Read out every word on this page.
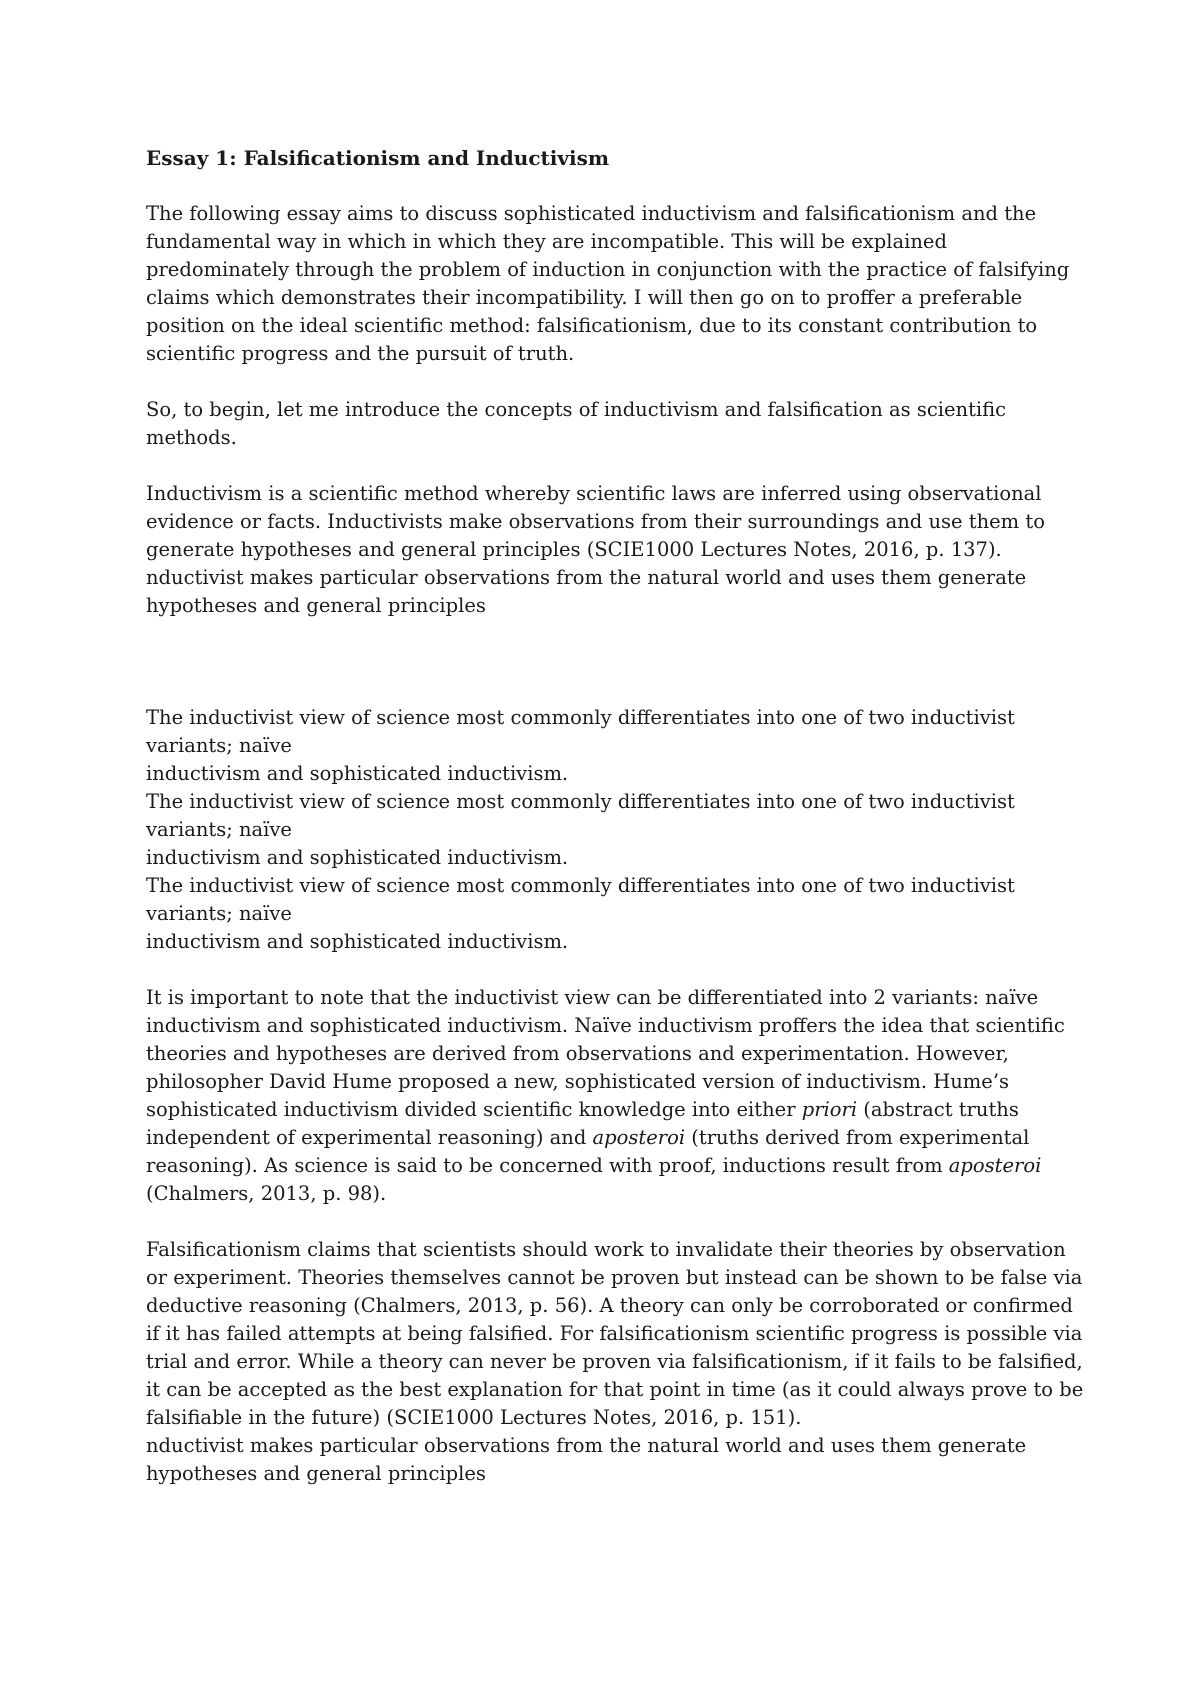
Essay 1: Falsificationism and Inductivism
The following essay aims to discuss sophisticated inductivism and falsificationism and the
fundamental way in which in which they are incompatible. This will be explained
predominately through the problem of induction in conjunction with the practice of falsifying
claims which demonstrates their incompatibility. I will then go on to proffer a preferable
position on the ideal scientific method: falsificationism, due to its constant contribution to
scientific progress and the pursuit of truth.
So, to begin, let me introduce the concepts of inductivism and falsification as scientific
methods.
Inductivism is a scientific method whereby scientific laws are inferred using observational
evidence or facts. Inductivists make observations from their surroundings and use them to
generate hypotheses and general principles (SCIE1000 Lectures Notes, 2016, p. 137).
nductivist makes particular observations from the natural world and uses them generate
hypotheses and general principles
The inductivist view of science most commonly differentiates into one of two inductivist
variants; naïve
inductivism and sophisticated inductivism.
The inductivist view of science most commonly differentiates into one of two inductivist
variants; naïve
inductivism and sophisticated inductivism.
The inductivist view of science most commonly differentiates into one of two inductivist
variants; naïve
inductivism and sophisticated inductivism.
It is important to note that the inductivist view can be differentiated into 2 variants: naïve
inductivism and sophisticated inductivism. Naïve inductivism proffers the idea that scientific
theories and hypotheses are derived from observations and experimentation. However,
philosopher David Hume proposed a new, sophisticated version of inductivism. Hume’s
sophisticated inductivism divided scientific knowledge into either priori (abstract truths
independent of experimental reasoning) and aposteroi (truths derived from experimental
reasoning). As science is said to be concerned with proof, inductions result from aposteroi
(Chalmers, 2013, p. 98).
Falsificationism claims that scientists should work to invalidate their theories by observation
or experiment. Theories themselves cannot be proven but instead can be shown to be false via
deductive reasoning (Chalmers, 2013, p. 56). A theory can only be corroborated or confirmed
if it has failed attempts at being falsified. For falsificationism scientific progress is possible via
trial and error. While a theory can never be proven via falsificationism, if it fails to be falsified,
it can be accepted as the best explanation for that point in time (as it could always prove to be
falsifiable in the future) (SCIE1000 Lectures Notes, 2016, p. 151).
nductivist makes particular observations from the natural world and uses them generate
hypotheses and general principles
